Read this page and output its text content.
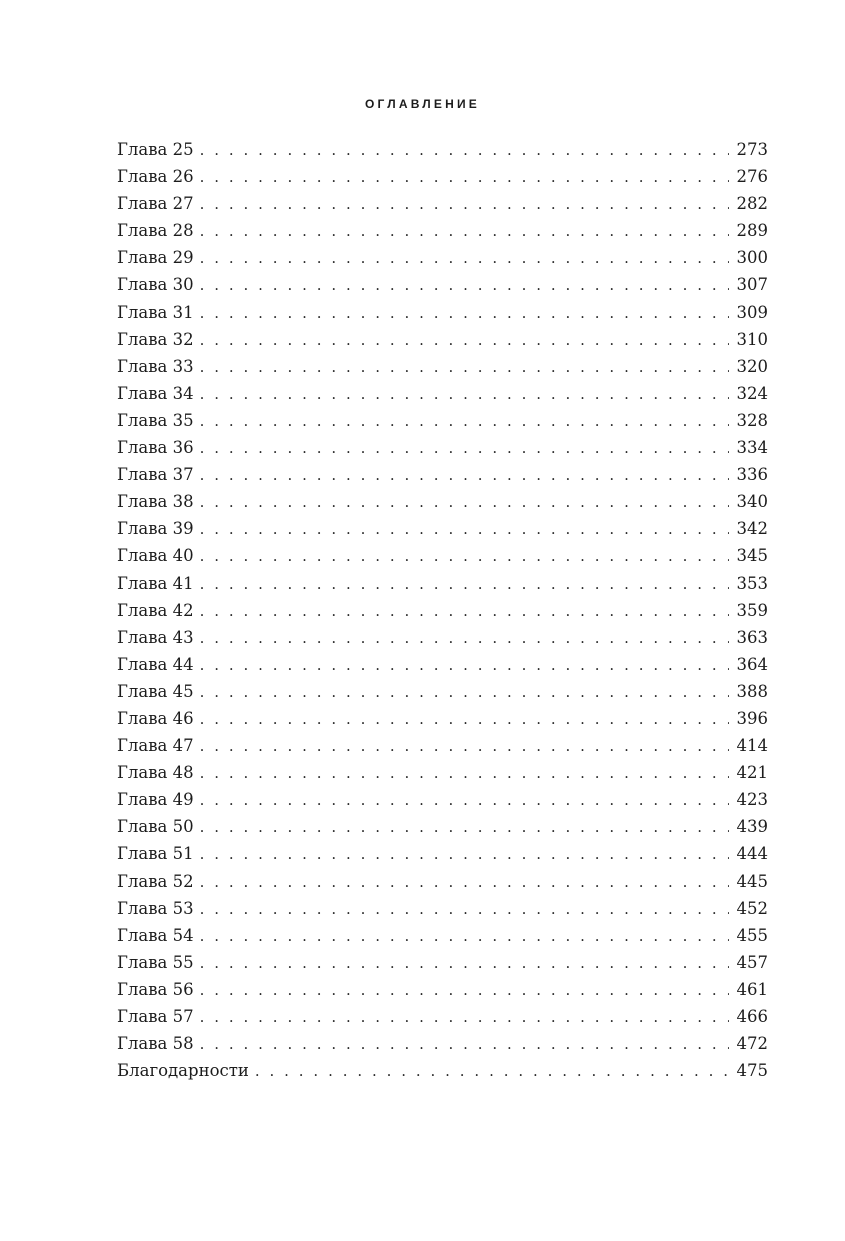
ОГЛАВЛЕНИЕ
Глава 25 . . .	273
Глава 26 . . .	276
Глава 27 . . .	282
Глава 28 . . .	289
Глава 29 . . .	300
Глава 30 . . .	307
Глава 31 . . .	309
Глава 32 . . .	310
Глава 33 . . .	320
Глава 34 . . .	324
Глава 35 . . .	328
Глава 36 . . .	334
Глава 37 . . .	336
Глава 38 . . .	340
Глава 39 . . .	342
Глава 40 . . .	345
Глава 41 . . .	353
Глава 42 . . .	359
Глава 43 . . .	363
Глава 44 . . .	364
Глава 45 . . .	388
Глава 46 . . .	396
Глава 47 . . .	414
Глава 48 . . .	421
Глава 49 . . .	423
Глава 50 . . .	439
Глава 51 . . .	444
Глава 52 . . .	445
Глава 53 . . .	452
Глава 54 . . .	455
Глава 55 . . .	457
Глава 56 . . .	461
Глава 57 . . .	466
Глава 58 . . .	472
Благодарности . . .	475
